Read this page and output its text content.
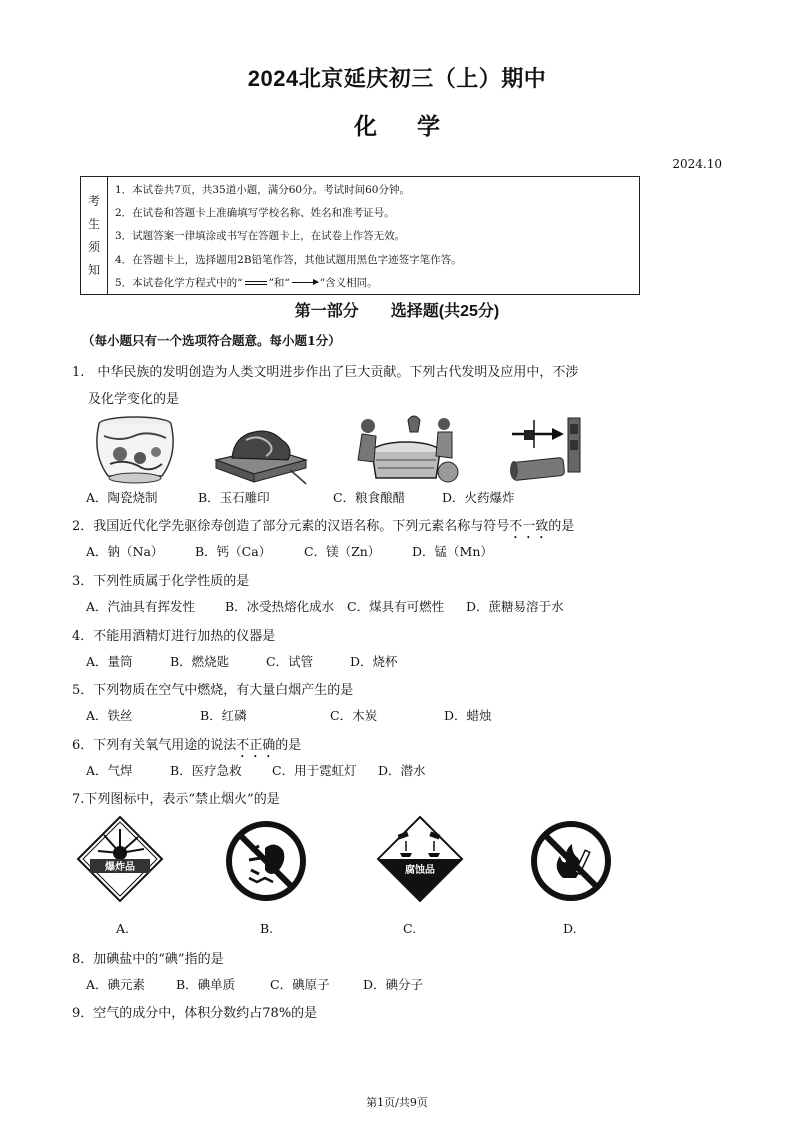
2024北京延庆初三（上）期中
化学
2024.10
考
生
须
知
1．本试卷共7页，共35道小题，满分60分。考试时间60分钟。
2．在试卷和答题卡上准确填写学校名称、姓名和准考证号。
3．试题答案一律填涂或书写在答题卡上，在试卷上作答无效。
4．在答题卡上，选择题用2B铅笔作答，其他试题用黑色字迹签字笔作答。
5．本试卷化学方程式中的“ ”和“	”含义相同。
第一部分　　选择题(共25分)
（每小题只有一个选项符合题意。每小题1分）
1.　中华民族的发明创造为人类文明进步作出了巨大贡献。下列古代发明及应用中，不涉
及化学变化的是
A．陶瓷烧制	B．玉石雕印	C．粮食酿醋	D．火药爆炸
2．我国近代化学先驱徐寿创造了部分元素的汉语名称。下列元素名称与符号不一致的是
A．钠（Na）	B．钙（Ca）	C．镁（Zn）	D．锰（Mn）
3．下列性质属于化学性质的是
A．汽油具有挥发性 B．冰受热熔化成水 C．煤具有可燃性 D．蔗糖易溶于水
4．不能用酒精灯进行加热的仪器是
A．量筒	B．燃烧匙	C．试管	D．烧杯
5．下列物质在空气中燃烧，有大量白烟产生的是
A．铁丝	B．红磷	C．木炭	D．蜡烛
6．下列有关氧气用途的说法不正确的是
A．气焊	B．医疗急救 C．用于霓虹灯 D．潜水
7.下列图标中，表示“禁止烟火”的是
爆炸品	腐蚀品
A.	B.	C.	D.
8．加碘盐中的“碘”指的是
A．碘元素 B．碘单质	C．碘原子	D．碘分子
9．空气的成分中，体积分数约占78%的是
第1页/共9页
